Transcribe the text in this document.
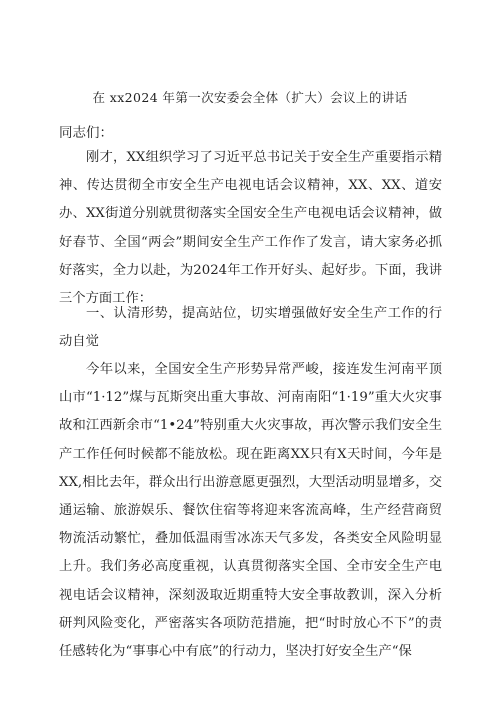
在 xx2024 年第一次安委会全体（扩大）会议上的讲话
同志们：

刚才，XX组织学习了习近平总书记关于安全生产重要指示精神、传达贯彻全市安全生产电视电话会议精神，XX、XX、道安办、XX街道分别就贯彻落实全国安全生产电视电话会议精神，做好春节、全国“两会”期间安全生产工作作了发言，请大家务必抓好落实，全力以赴，为2024年工作开好头、起好步。下面，我讲三个方面工作：

一、认清形势，提高站位，切实增强做好安全生产工作的行动自觉

今年以来，全国安全生产形势异常严峻，接连发生河南平顶山市“1·12”煤与瓦斯突出重大事故、河南南阳“1·19”重大火灾事故和江西新余市“1•24”特别重大火灾事故，再次警示我们安全生产工作任何时候都不能放松。现在距离XX只有X天时间，今年是XX,相比去年，群众出行出游意愿更强烈，大型活动明显增多，交通运输、旅游娱乐、餐饮住宿等将迎来客流高峰，生产经营商贸物流活动繁忙，叠加低温雨雪冰冻天气多发，各类安全风险明显上升。我们务必高度重视，认真贯彻落实全国、全市安全生产电视电话会议精神，深刻汲取近期重特大安全事故教训，深入分析研判风险变化，严密落实各项防范措施，把“时时放心不下”的责任感转化为“事事心中有底”的行动力，坚决打好安全生产“保
